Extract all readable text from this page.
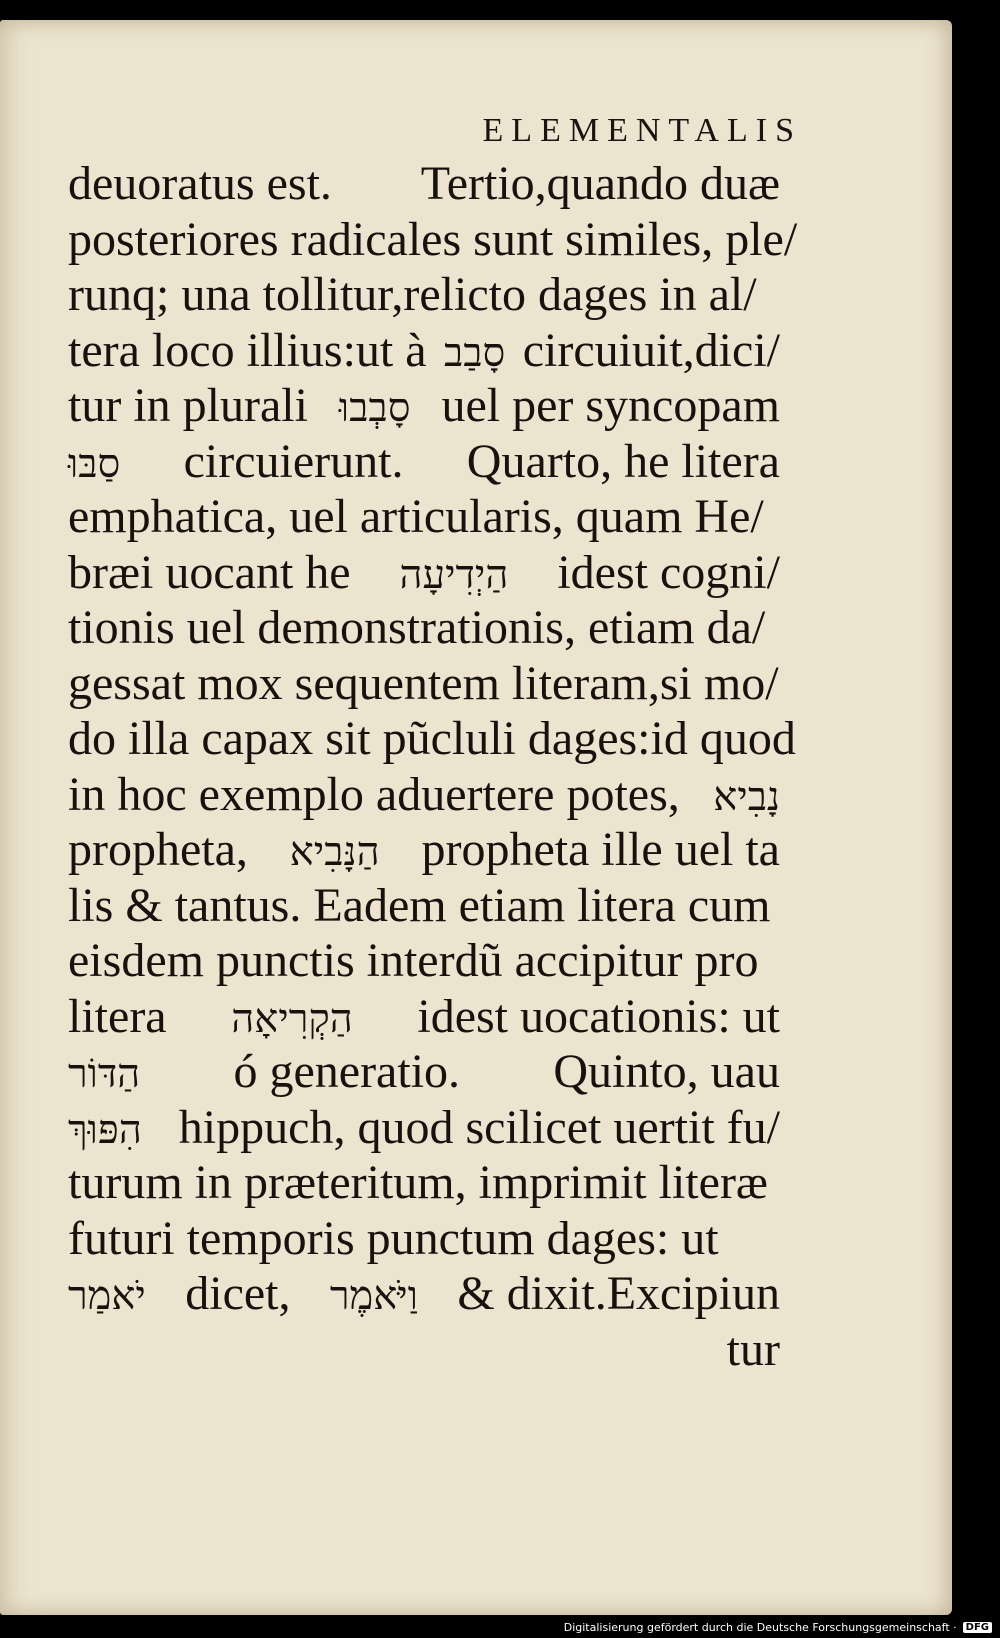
ELEMENTALIS
deuoratus est. Tertio,quando duæ
posteriores radicales sunt similes, ple/
runq; una tollitur,relicto dages in al/
tera loco illius:ut à סָבַב circuiuit,dici/
tur in plurali סָבְבוּ uel per syncopam
סַבּוּ circuierunt. Quarto, he litera
emphatica, uel articularis, quam He/
bræi uocant he הַיְדִיעָה idest cogni/
tionis uel demonstrationis, etiam da/
gessat mox sequentem literam,si mo/
do illa capax sit pũcluli dages:id quod
in hoc exemplo aduertere potes, נָבִיא
propheta, הַנָּבִיא propheta ille uel ta
lis & tantus. Eadem etiam litera cum
eisdem punctis interdũ accipitur pro
litera הַקְרִיאָה idest uocationis: ut
הַדּוֹר ó generatio. Quinto, uau
הִפּוּךְ hippuch, quod scilicet uertit fu/
turum in præteritum, imprimit literæ
futuri temporis punctum dages: ut
יֹאמַר dicet, וַיֹּאמֶר & dixit.Excipiun
tur
Digitalisierung gefördert durch die Deutsche Forschungsgemeinschaft · DFG
